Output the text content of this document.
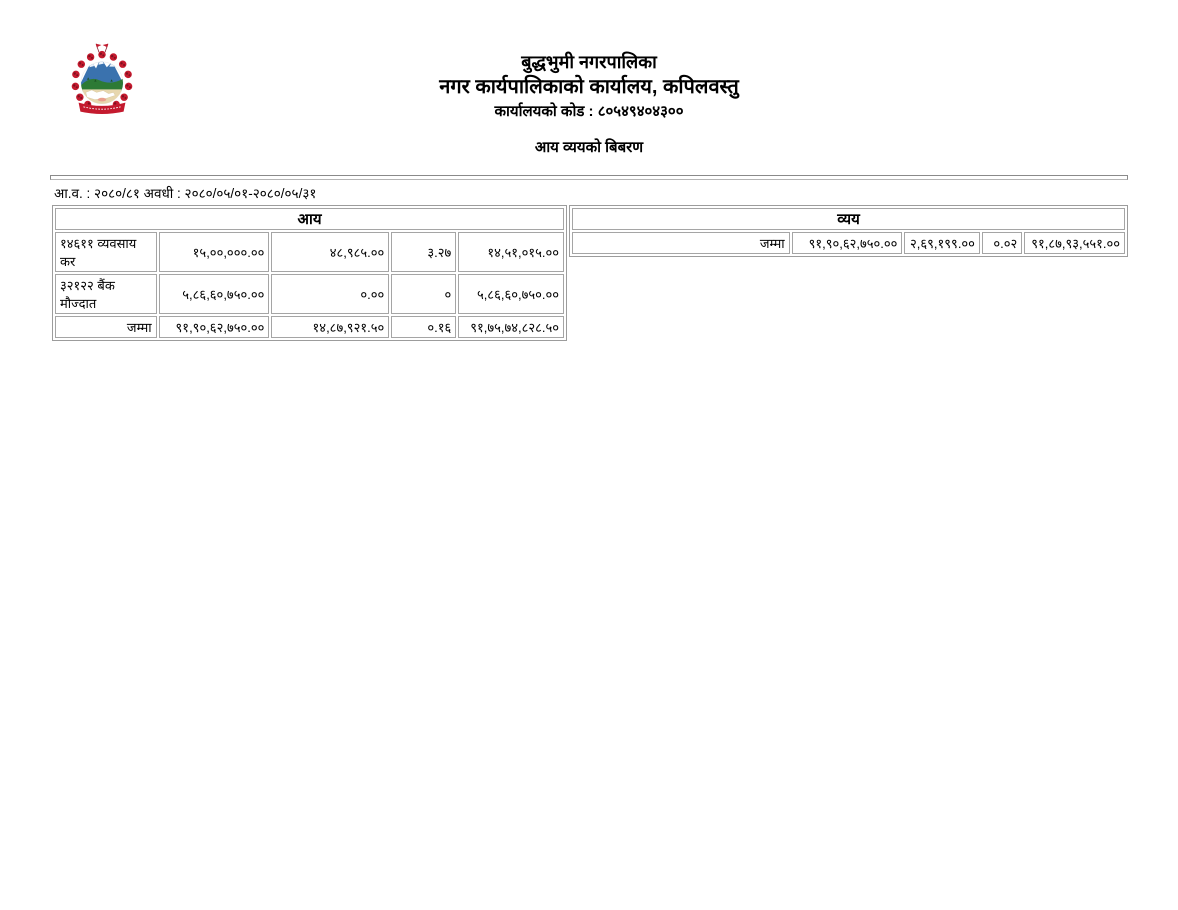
बुद्धभुमी नगरपालिका
नगर कार्यपालिकाको कार्यालय, कपिलवस्तु
कार्यालयको कोड : ८०५४९४०४३००
आय व्ययको बिबरण
आ.व. : २०८०/८१ अवधी : २०८०/०५/०१-२०८०/०५/३१
आय				
१४६११ व्यवसाय कर	१५,००,०००.००	४८,९८५.००	३.२७	१४,५१,०१५.००
३२१२२ बैंक मौज्दात	५,८६,६०,७५०.००	०.००	०	५,८६,६०,७५०.००
जम्मा	९१,९०,६२,७५०.००	१४,८७,९२१.५०	०.१६	९१,७५,७४,८२८.५०
व्यय
जम्मा	९१,९०,६२,७५०.००	२,६९,१९९.००	०.०२	९१,८७,९३,५५१.००
